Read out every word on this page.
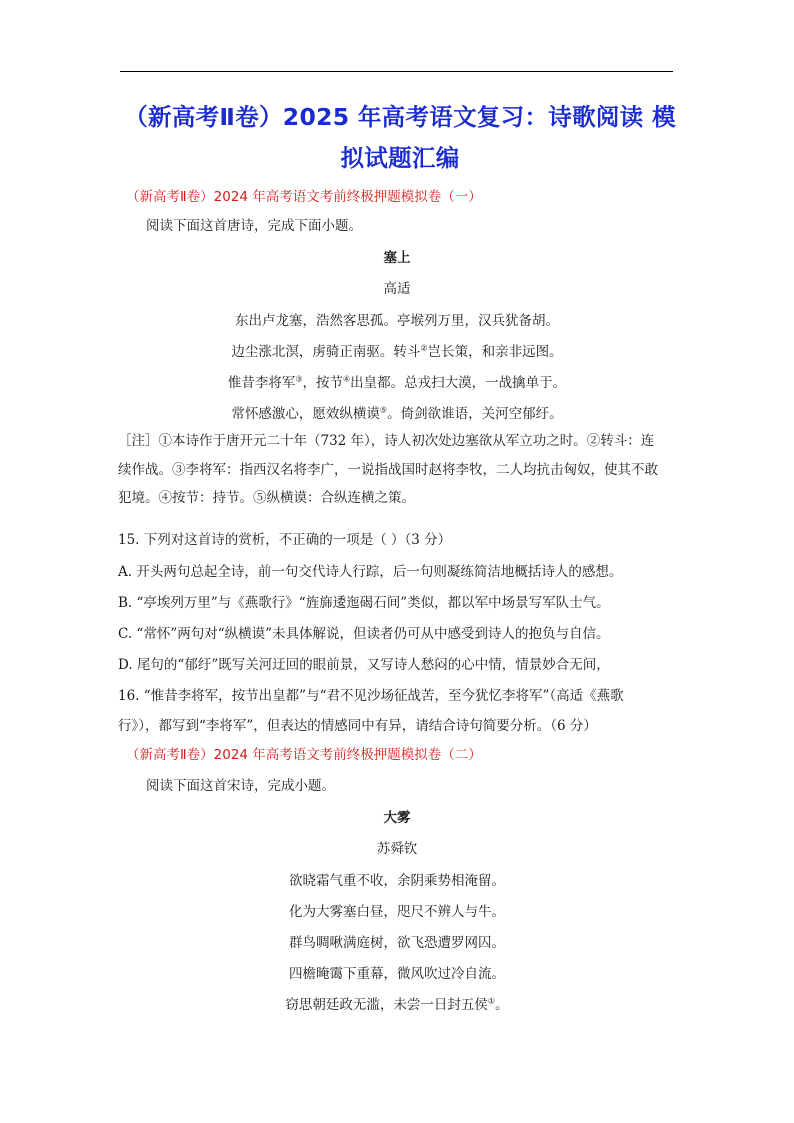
（新高考Ⅱ卷）2025 年高考语文复习：诗歌阅读 模
拟试题汇编
（新高考Ⅱ卷）2024 年高考语文考前终极押题模拟卷（一）
阅读下面这首唐诗，完成下面小题。
塞上
高适
东出卢龙塞，浩然客思孤。亭堠列万里，汉兵犹备胡。
边尘涨北溟，虏骑正南驱。转斗②岂长策，和亲非远图。
惟昔李将军③，按节④出皇都。总戎扫大漠，一战擒单于。
常怀感激心，愿效纵横谟⑤。倚剑欲谁语，关河空郁纡。
［注］①本诗作于唐开元二十年（732 年），诗人初次处边塞欲从军立功之时。②转斗：连
续作战。③李将军：指西汉名将李广，一说指战国时赵将李牧，二人均抗击匈奴，使其不敢
犯境。④按节：持节。⑤纵横谟：合纵连横之策。
15. 下列对这首诗的赏析，不正确的一项是（ ）（3 分）
A. 开头两句总起全诗，前一句交代诗人行踪，后一句则凝练简洁地概括诗人的感想。
B. “亭埃列万里”与《燕歌行》“旌旆逶迤碣石间”类似，都以军中场景写军队士气。
C. “常怀”两句对“纵横谟”未具体解说，但读者仍可从中感受到诗人的抱负与自信。
D. 尾句的“郁纡”既写关河迂回的眼前景，又写诗人愁闷的心中情，情景妙合无间，
16. “惟昔李将军，按节出皇都”与“君不见沙场征战苦，至今犹忆李将军”（高适《燕歌
行》），都写到“李将军”，但表达的情感同中有异，请结合诗句简要分析。（6 分）
（新高考Ⅱ卷）2024 年高考语文考前终极押题模拟卷（二）
阅读下面这首宋诗，完成小题。
大雾
苏舜钦
欲晓霜气重不收，余阴乘势相淹留。
化为大雾塞白昼，咫尺不辨人与牛。
群鸟啁啾满庭树，欲飞恐遭罗网囚。
四檐晻霭下重幕，微风吹过冷自流。
窃思朝廷政无滥，未尝一日封五侯①。
